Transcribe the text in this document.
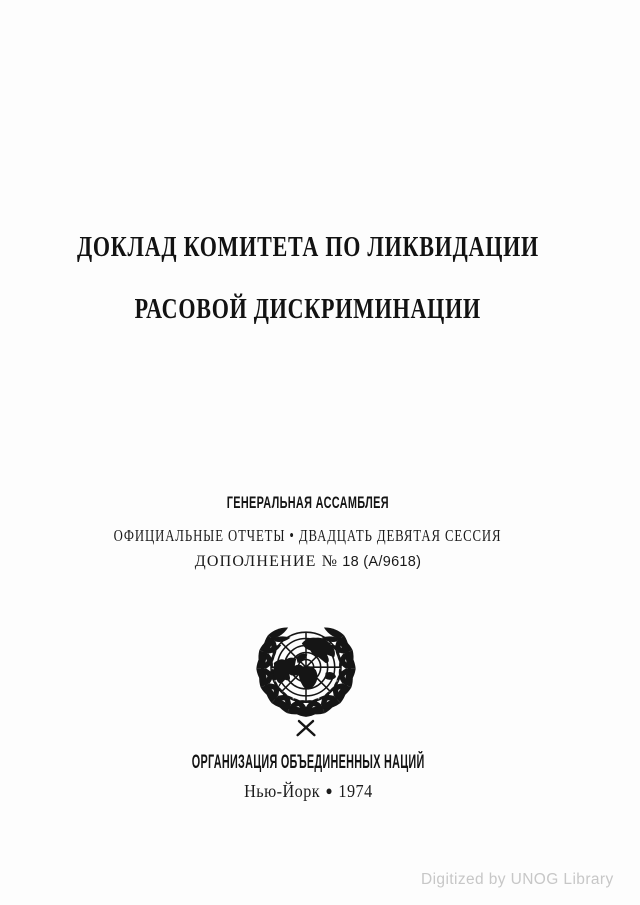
ДОКЛАД КОМИТЕТА ПО ЛИКВИДАЦИИ
РАСОВОЙ ДИСКРИМИНАЦИИ
ГЕНЕРАЛЬНАЯ АССАМБЛЕЯ
ОФИЦИАЛЬНЫЕ ОТЧЕТЫ • ДВАДЦАТЬ ДЕВЯТАЯ СЕССИЯ
ДОПОЛНЕНИЕ № 18 (А/9618)
ОРГАНИЗАЦИЯ ОБЪЕДИНЕННЫХ НАЦИЙ
Нью-Йорк ● 1974
Digitized by UNOG Library
